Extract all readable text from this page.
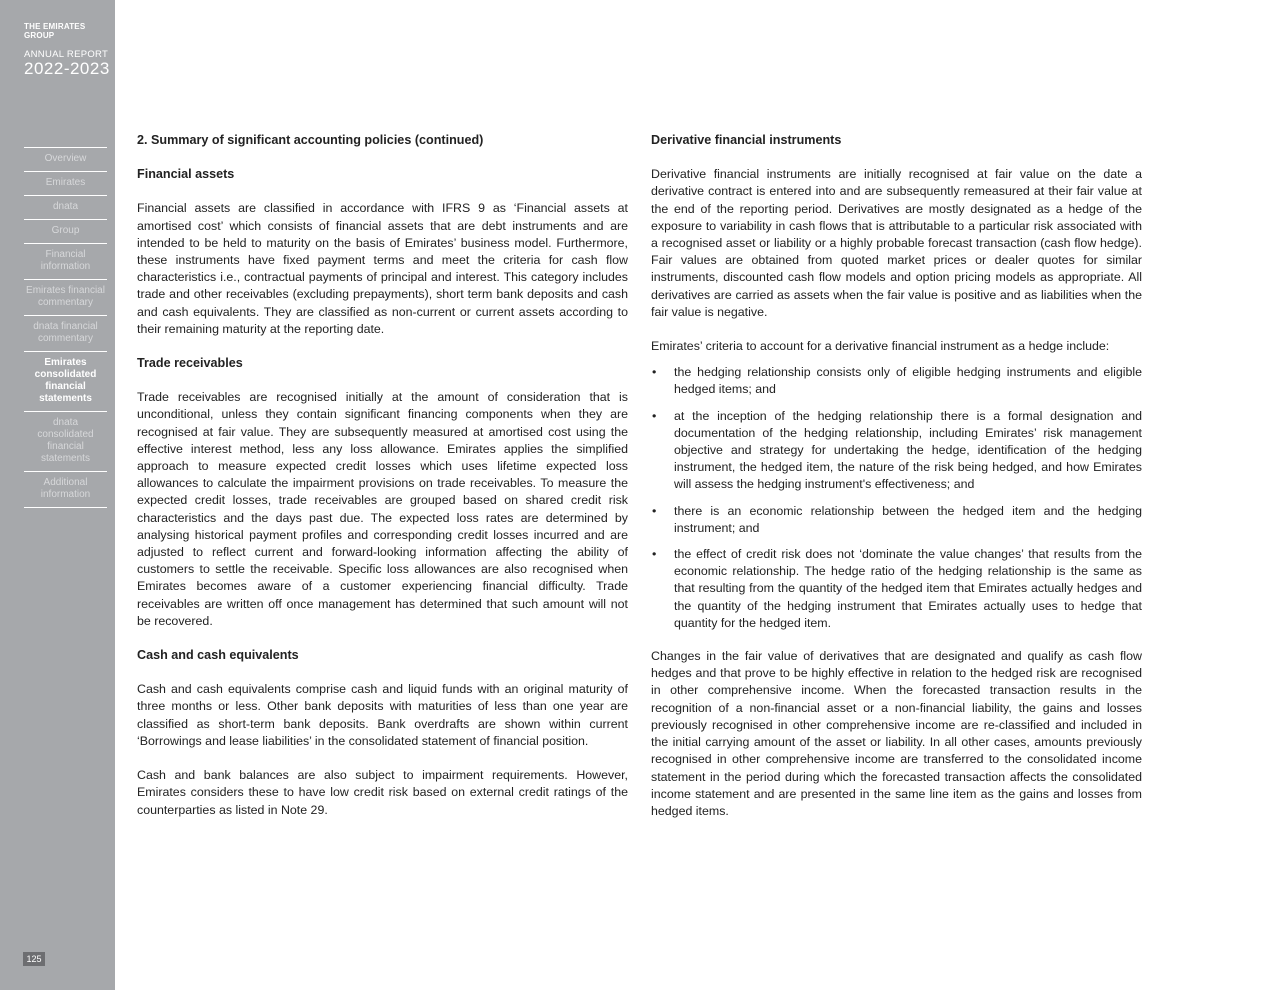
THE EMIRATES GROUP
ANNUAL REPORT
2022-2023
Overview
Emirates
dnata
Group
Financial information
Emirates financial commentary
dnata financial commentary
Emirates consolidated financial statements
dnata consolidated financial statements
Additional information
125
2. Summary of significant accounting policies (continued)
Financial assets

Financial assets are classified in accordance with IFRS 9 as ‘Financial assets at amortised cost’ which consists of financial assets that are debt instruments and are intended to be held to maturity on the basis of Emirates’ business model. Furthermore, these instruments have fixed payment terms and meet the criteria for cash flow characteristics i.e., contractual payments of principal and interest. This category includes trade and other receivables (excluding prepayments), short term bank deposits and cash and cash equivalents. They are classified as non-current or current assets according to their remaining maturity at the reporting date.

Trade receivables

Trade receivables are recognised initially at the amount of consideration that is unconditional, unless they contain significant financing components when they are recognised at fair value. They are subsequently measured at amortised cost using the effective interest method, less any loss allowance. Emirates applies the simplified approach to measure expected credit losses which uses lifetime expected loss allowances to calculate the impairment provisions on trade receivables. To measure the expected credit losses, trade receivables are grouped based on shared credit risk characteristics and the days past due. The expected loss rates are determined by analysing historical payment profiles and corresponding credit losses incurred and are adjusted to reflect current and forward-looking information affecting the ability of customers to settle the receivable. Specific loss allowances are also recognised when Emirates becomes aware of a customer experiencing financial difficulty. Trade receivables are written off once management has determined that such amount will not be recovered.

Cash and cash equivalents

Cash and cash equivalents comprise cash and liquid funds with an original maturity of three months or less. Other bank deposits with maturities of less than one year are classified as short-term bank deposits. Bank overdrafts are shown within current ‘Borrowings and lease liabilities’ in the consolidated statement of financial position.

Cash and bank balances are also subject to impairment requirements. However, Emirates considers these to have low credit risk based on external credit ratings of the counterparties as listed in Note 29.

Derivative financial instruments

Derivative financial instruments are initially recognised at fair value on the date a derivative contract is entered into and are subsequently remeasured at their fair value at the end of the reporting period. Derivatives are mostly designated as a hedge of the exposure to variability in cash flows that is attributable to a particular risk associated with a recognised asset or liability or a highly probable forecast transaction (cash flow hedge). Fair values are obtained from quoted market prices or dealer quotes for similar instruments, discounted cash flow models and option pricing models as appropriate. All derivatives are carried as assets when the fair value is positive and as liabilities when the fair value is negative.

Emirates’ criteria to account for a derivative financial instrument as a hedge include:

• the hedging relationship consists only of eligible hedging instruments and eligible hedged items; and
• at the inception of the hedging relationship there is a formal designation and documentation of the hedging relationship, including Emirates’ risk management objective and strategy for undertaking the hedge, identification of the hedging instrument, the hedged item, the nature of the risk being hedged, and how Emirates will assess the hedging instrument's effectiveness; and
• there is an economic relationship between the hedged item and the hedging instrument; and
• the effect of credit risk does not ‘dominate the value changes’ that results from the economic relationship. The hedge ratio of the hedging relationship is the same as that resulting from the quantity of the hedged item that Emirates actually hedges and the quantity of the hedging instrument that Emirates actually uses to hedge that quantity for the hedged item.

Changes in the fair value of derivatives that are designated and qualify as cash flow hedges and that prove to be highly effective in relation to the hedged risk are recognised in other comprehensive income. When the forecasted transaction results in the recognition of a non-financial asset or a non-financial liability, the gains and losses previously recognised in other comprehensive income are re-classified and included in the initial carrying amount of the asset or liability. In all other cases, amounts previously recognised in other comprehensive income are transferred to the consolidated income statement in the period during which the forecasted transaction affects the consolidated income statement and are presented in the same line item as the gains and losses from hedged items.
